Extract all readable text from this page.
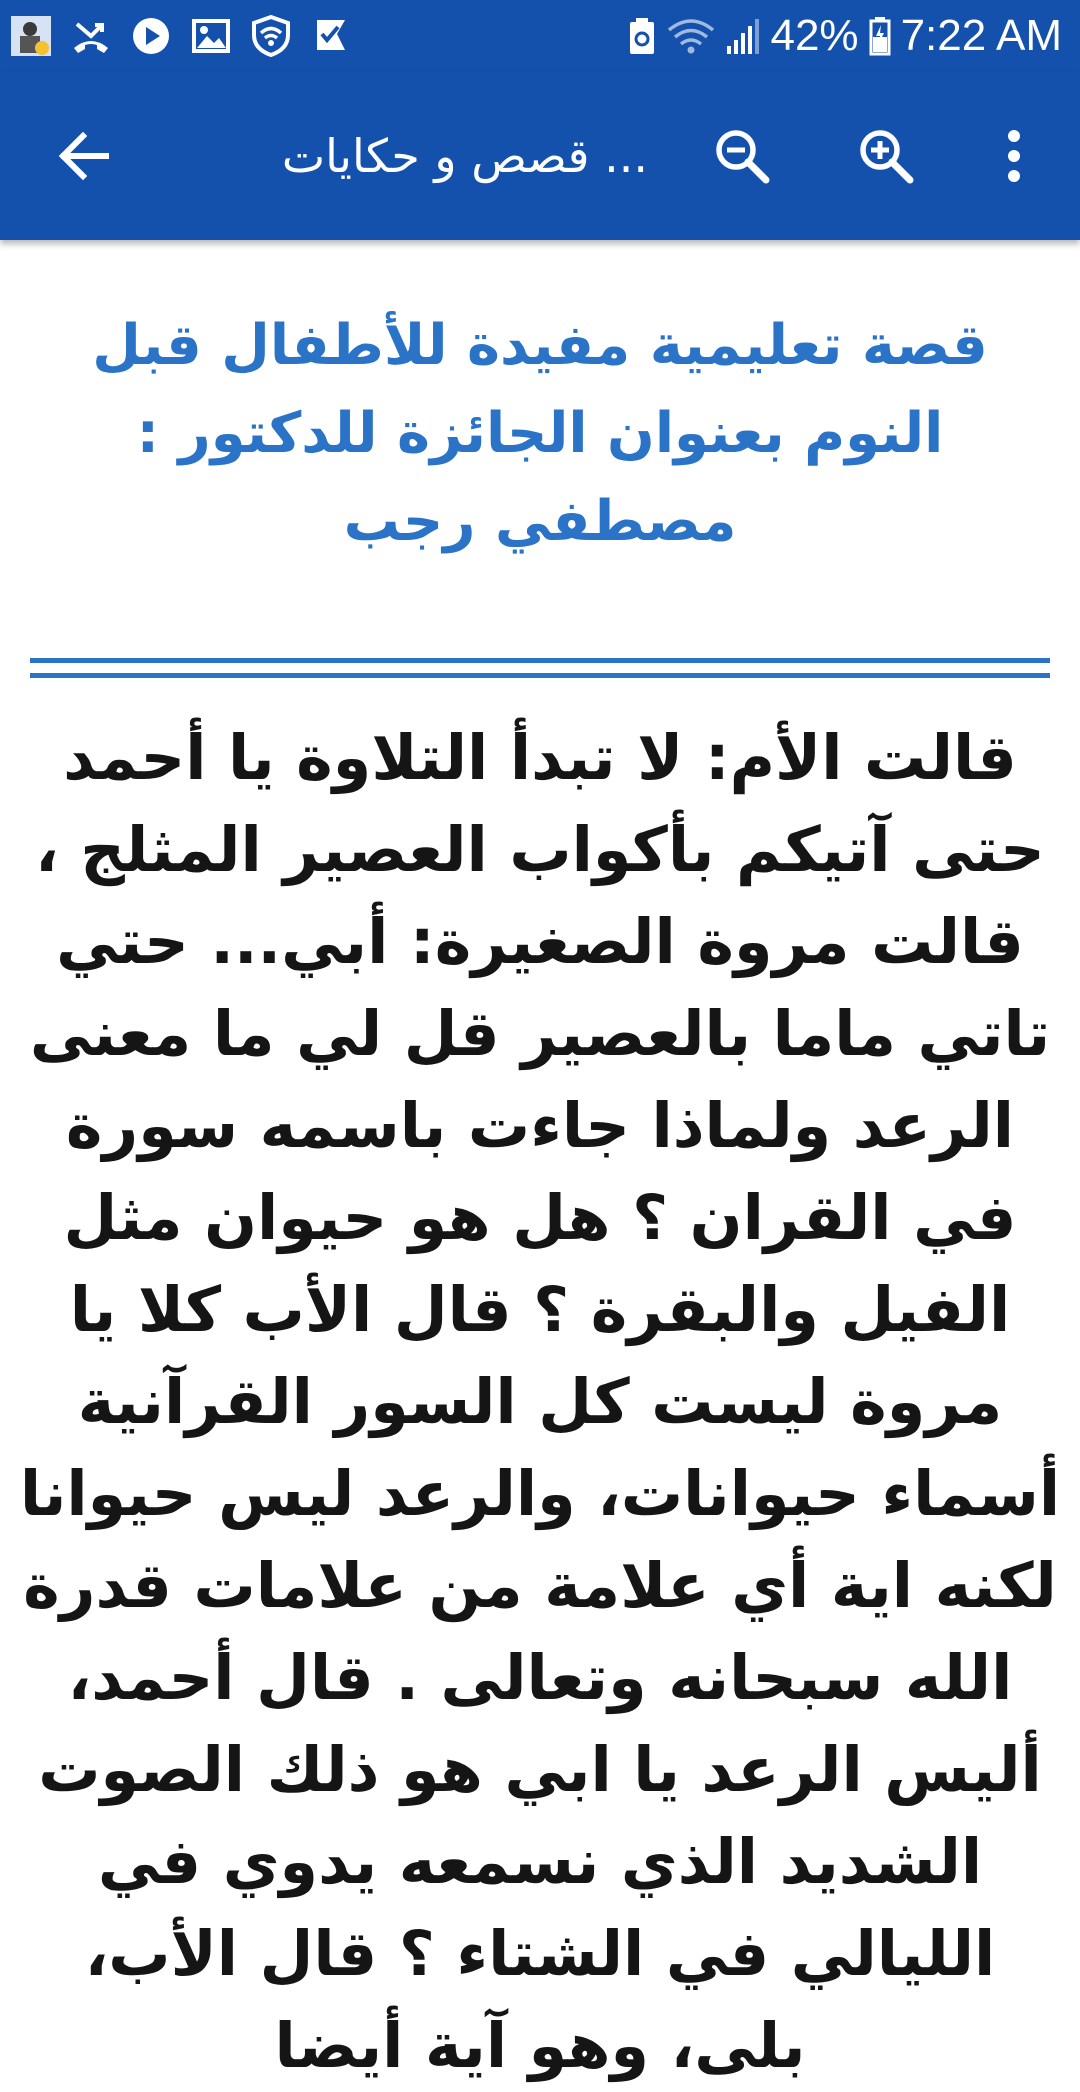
42% 7:22 AM
قصص و حكايات ...
قصة تعليمية مفيدة للأطفال قبل النوم بعنوان الجائزة للدكتور : مصطفي رجب

قالت الأم: لا تبدأ التلاوة يا أحمد حتى آتيكم بأكواب العصير المثلج ، قالت مروة الصغيرة: أبي... حتي تاتي ماما بالعصير قل لي ما معنى الرعد ولماذا جاءت باسمه سورة في القران ؟ هل هو حيوان مثل الفيل والبقرة ؟ قال الأب كلا يا مروة ليست كل السور القرآنية أسماء حيوانات، والرعد ليس حيوانا لكنه اية أي علامة من علامات قدرة الله سبحانه وتعالى . قال أحمد، أليس الرعد يا ابي هو ذلك الصوت الشديد الذي نسمعه يدوي في الليالي في الشتاء ؟ قال الأب، بلى، وهو آية أيضا
